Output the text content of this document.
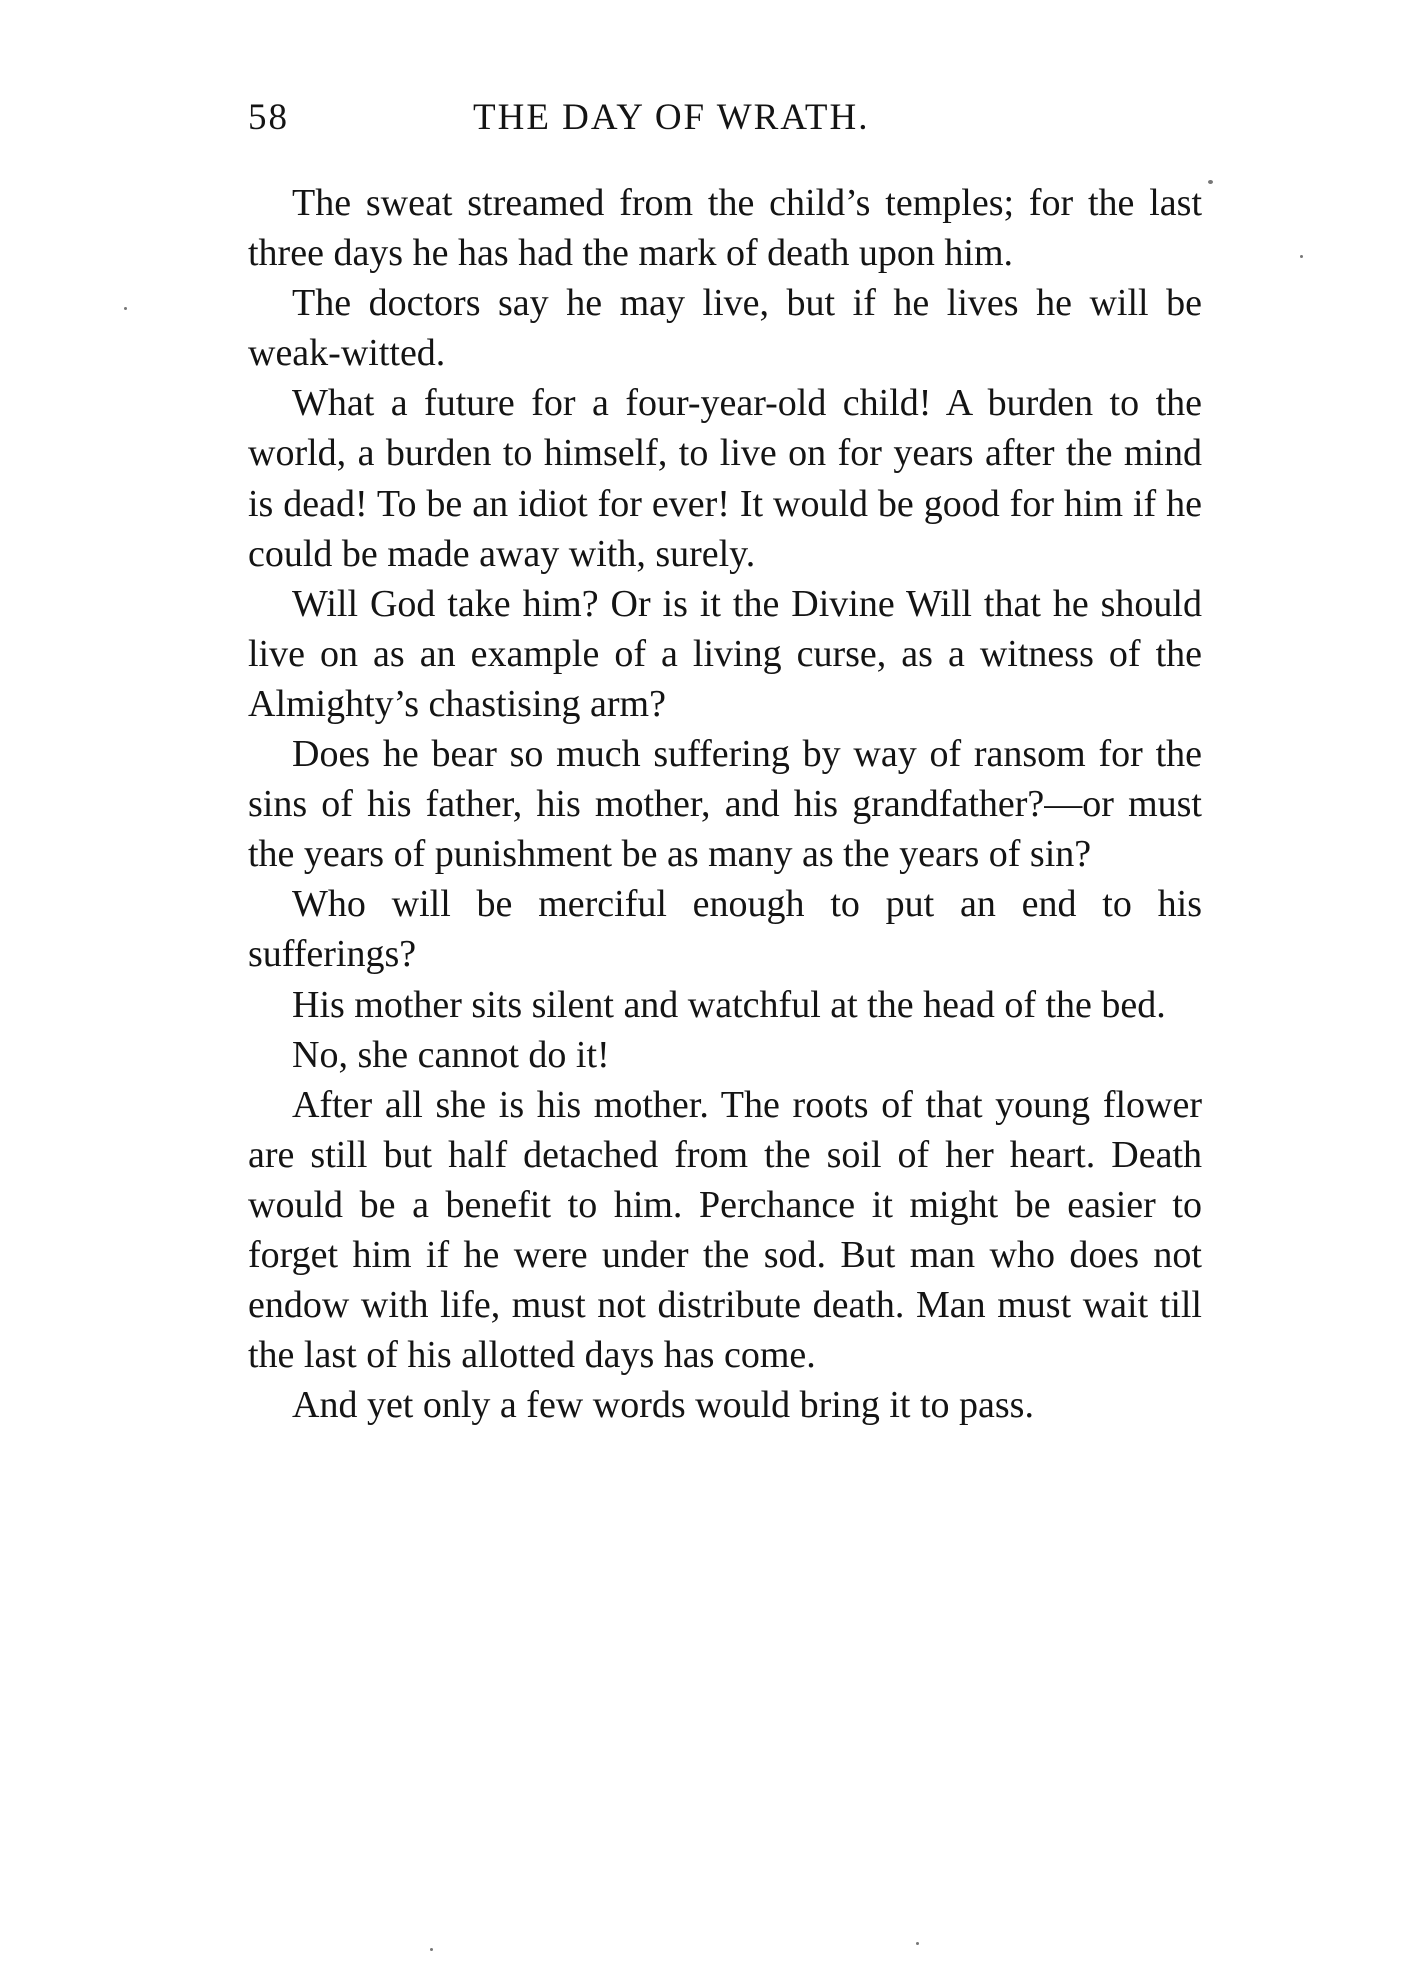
58	THE DAY OF WRATH.

The sweat streamed from the child’s temples; for the last three days he has had the mark of death upon him.

The doctors say he may live, but if he lives he will be weak-witted.

What a future for a four-year-old child! A burden to the world, a burden to himself, to live on for years after the mind is dead! To be an idiot for ever! It would be good for him if he could be made away with, surely.

Will God take him? Or is it the Divine Will that he should live on as an example of a living curse, as a witness of the Almighty’s chastising arm?

Does he bear so much suffering by way of ransom for the sins of his father, his mother, and his grandfather?—or must the years of punishment be as many as the years of sin?

Who will be merciful enough to put an end to his sufferings?

His mother sits silent and watchful at the head of the bed.

No, she cannot do it!

After all she is his mother. The roots of that young flower are still but half detached from the soil of her heart. Death would be a benefit to him. Perchance it might be easier to forget him if he were under the sod. But man who does not endow with life, must not distribute death. Man must wait till the last of his allotted days has come.

And yet only a few words would bring it to pass.
